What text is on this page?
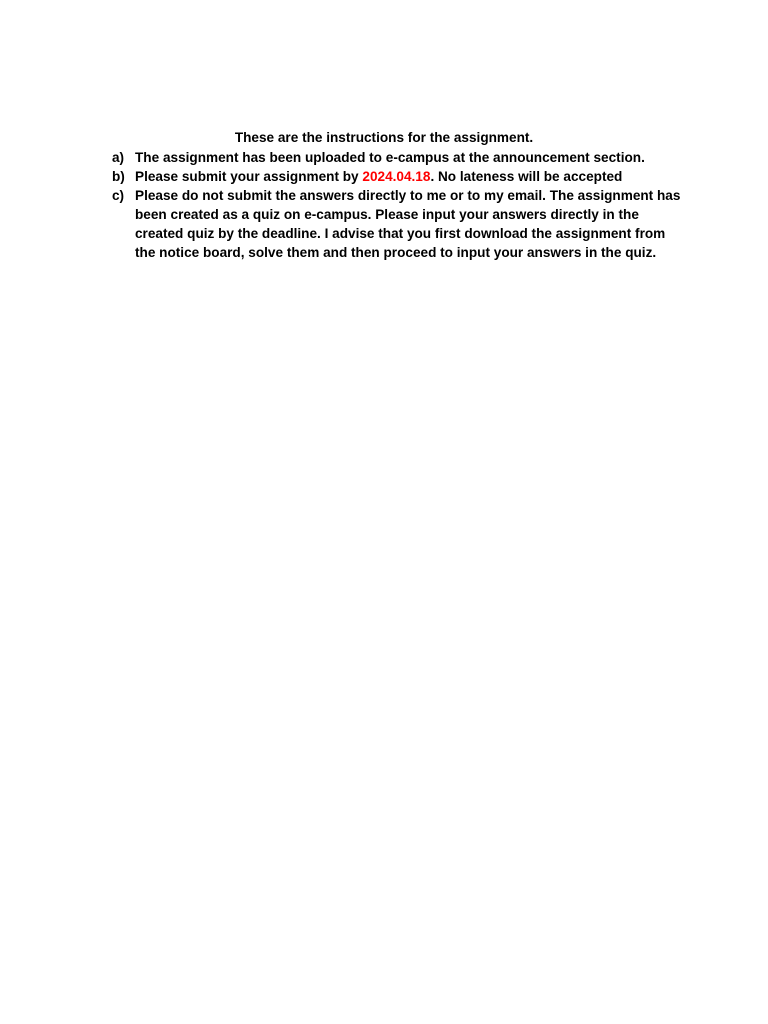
These are the instructions for the assignment.

a) The assignment has been uploaded to e-campus at the announcement section.
b) Please submit your assignment by 2024.04.18. No lateness will be accepted
c) Please do not submit the answers directly to me or to my email. The assignment has been created as a quiz on e-campus. Please input your answers directly in the created quiz by the deadline. I advise that you first download the assignment from the notice board, solve them and then proceed to input your answers in the quiz.
